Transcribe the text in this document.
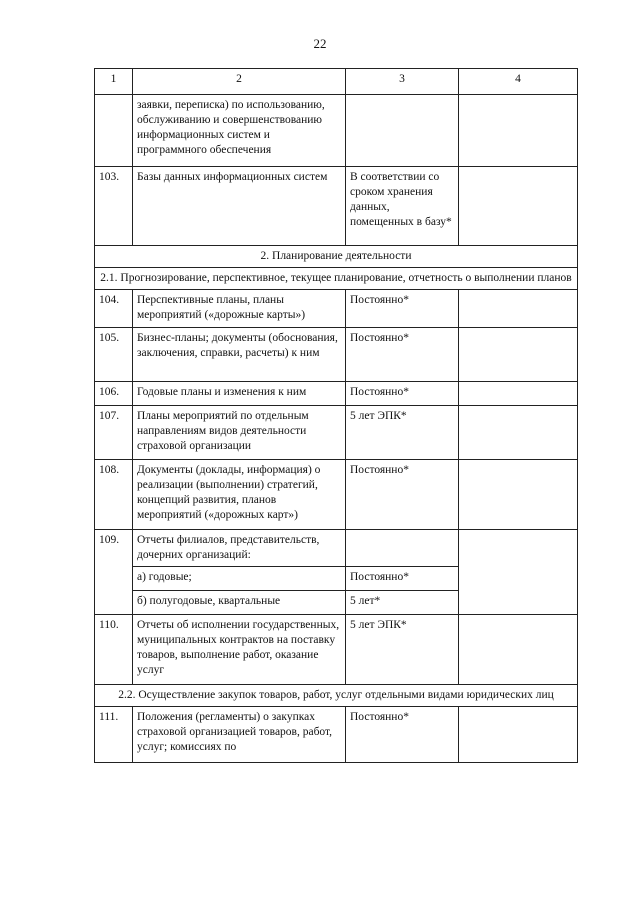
22
1	2	3	4
	заявки, переписка) по использованию, обслуживанию и совершенствованию информационных систем и программного обеспечения		
103.	Базы данных информационных систем	В соответствии со сроком хранения данных, помещенных в базу*	
2. Планирование деятельности			
2.1. Прогнозирование, перспективное, текущее планирование, отчетность о выполнении планов			
104.	Перспективные планы, планы мероприятий («дорожные карты»)	Постоянно*	
105.	Бизнес-планы; документы (обоснования, заключения, справки, расчеты) к ним	Постоянно*	
106.	Годовые планы и изменения к ним	Постоянно*	
107.	Планы мероприятий по отдельным направлениям видов деятельности страховой организации	5 лет ЭПК*	
108.	Документы (доклады, информация) о реализации (выполнении) стратегий, концепций развития, планов мероприятий («дорожных карт»)	Постоянно*	
109.	Отчеты филиалов, представительств, дочерних организаций:		
	а) годовые;	Постоянно*	
	б) полугодовые, квартальные	5 лет*	
110.	Отчеты об исполнении государственных, муниципальных контрактов на поставку товаров, выполнение работ, оказание услуг	5 лет ЭПК*	
2.2. Осуществление закупок товаров, работ, услуг отдельными видами юридических лиц			
111.	Положения (регламенты) о закупках страховой организацией товаров, работ, услуг; комиссиях по	Постоянно*	
